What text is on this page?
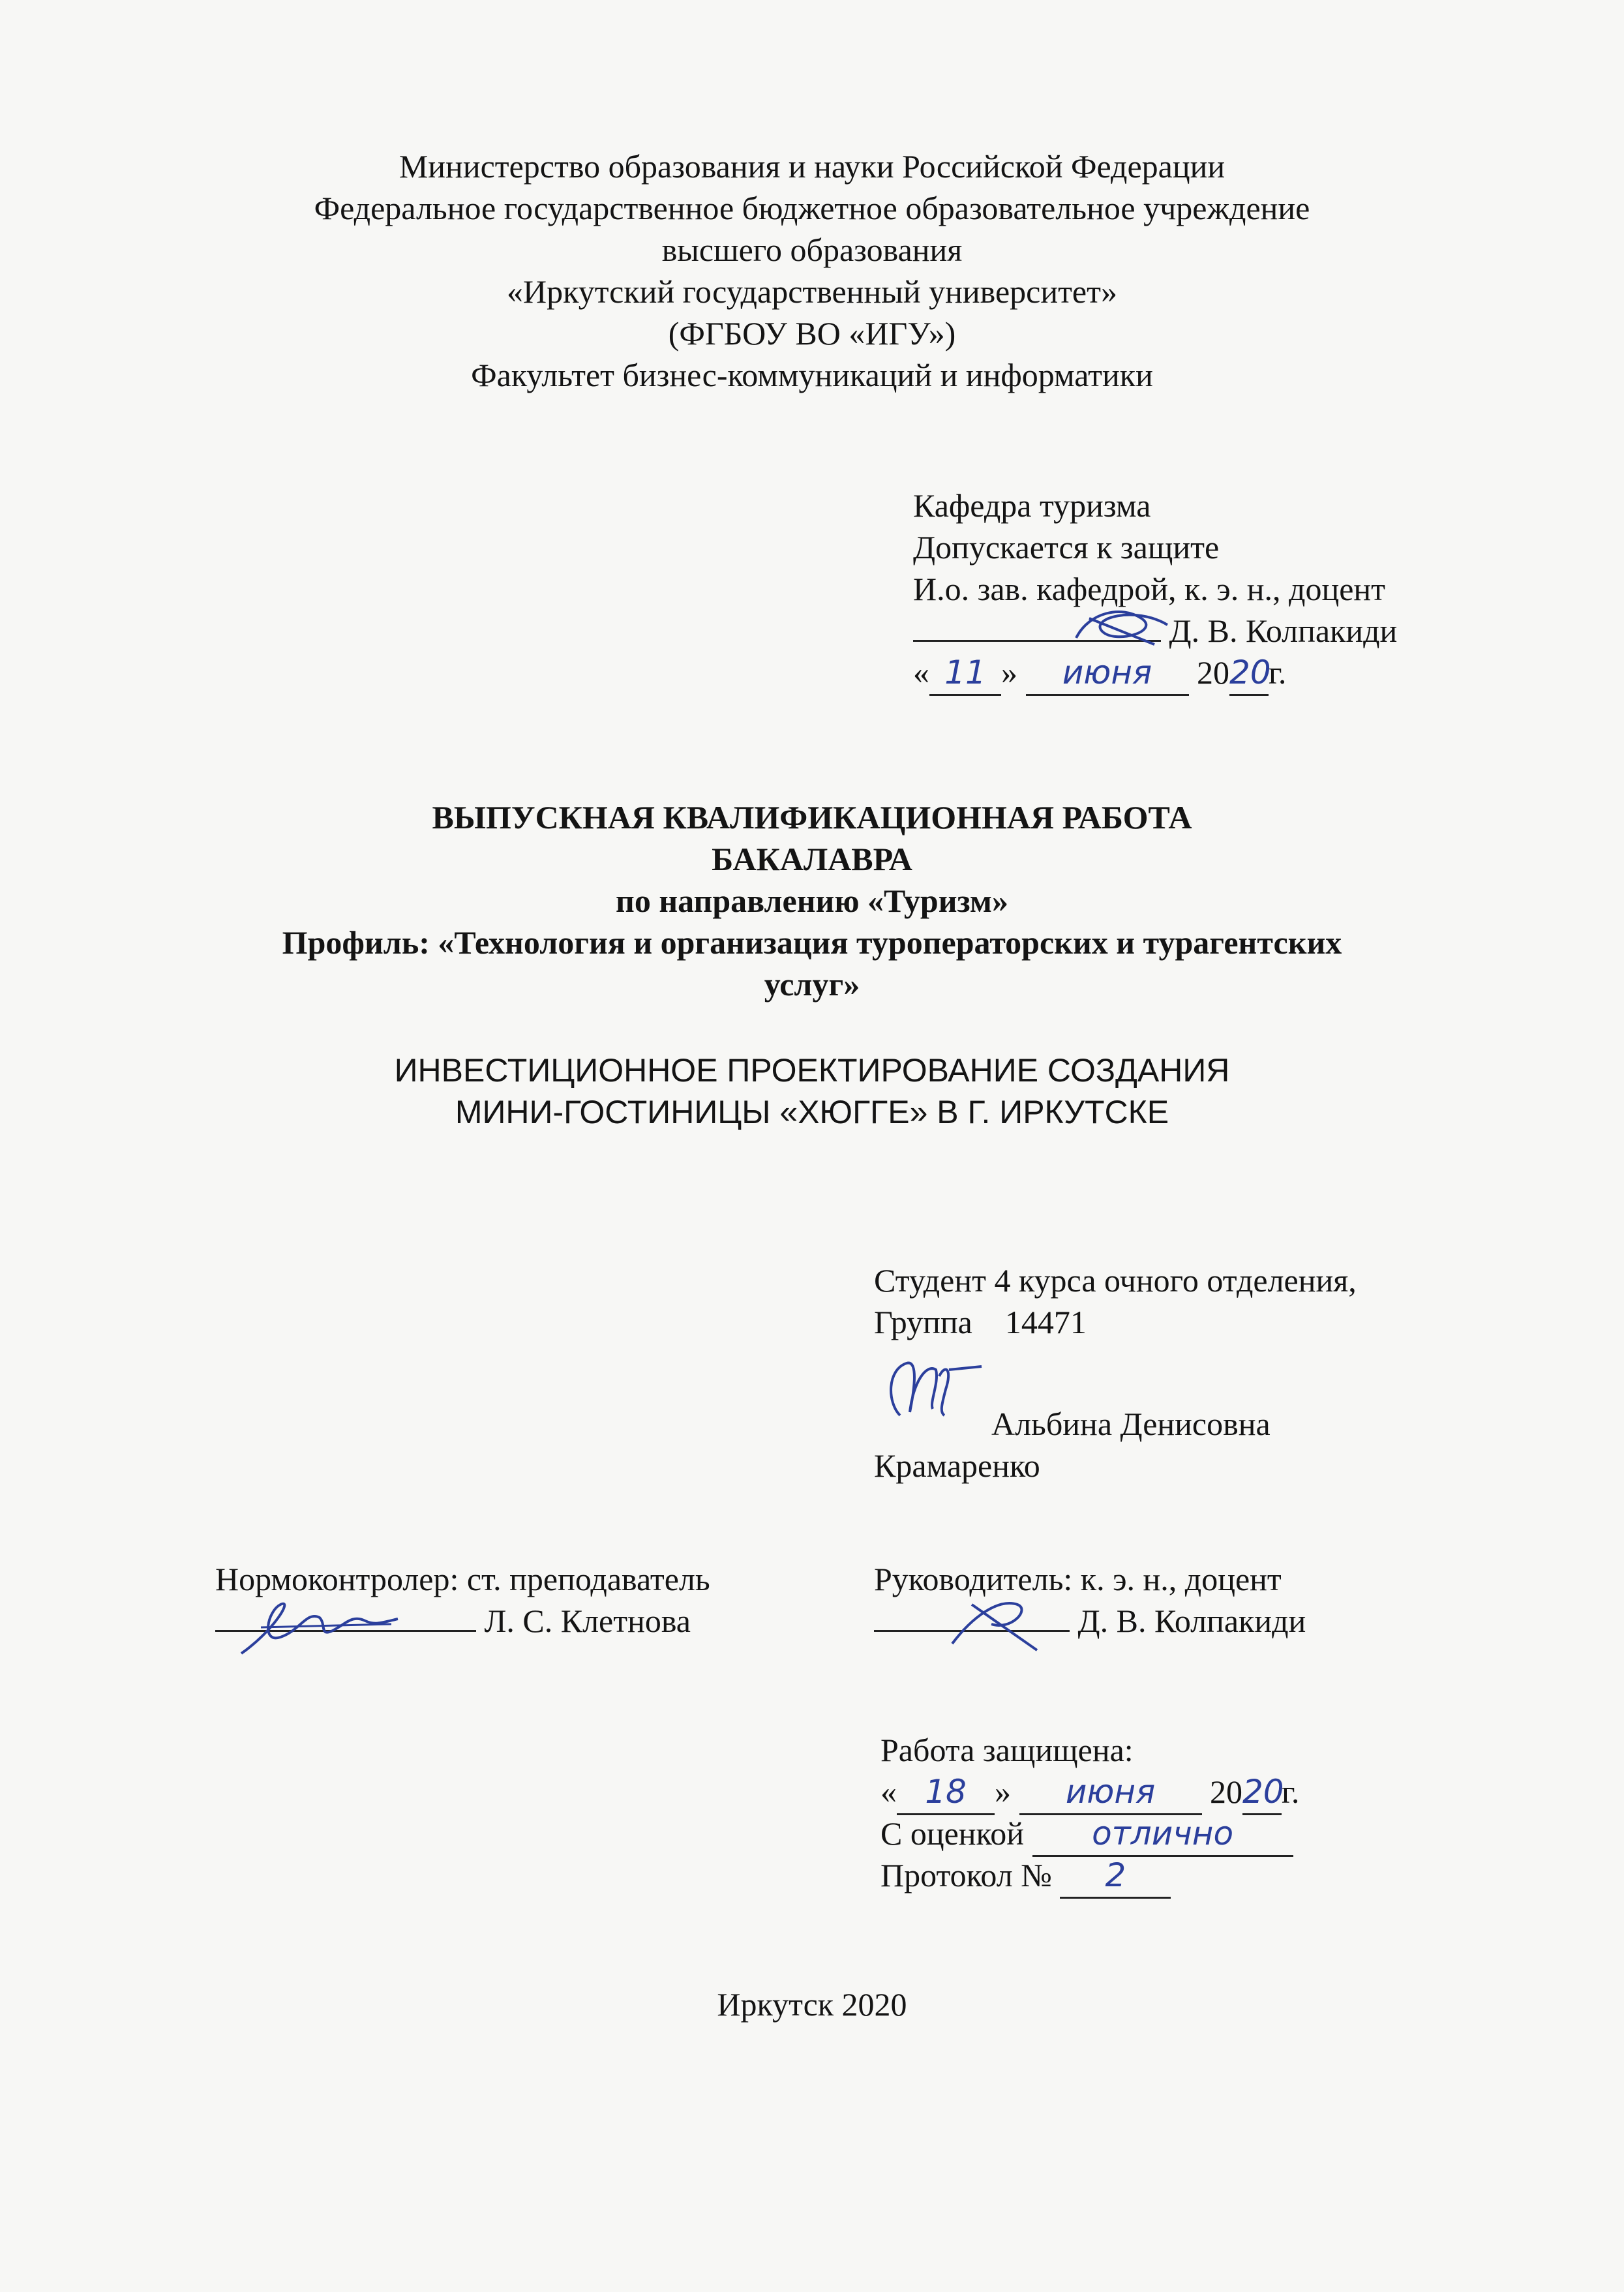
Министерство образования и науки Российской Федерации
Федеральное государственное бюджетное образовательное учреждение
высшего образования
«Иркутский государственный университет»
(ФГБОУ ВО «ИГУ»)
Факультет бизнес-коммуникаций и информатики
Кафедра туризма
Допускается к защите
И.о. зав. кафедрой, к. э. н., доцент
Д. В. Колпакиди
« 11 » июня 2020г.
ВЫПУСКНАЯ КВАЛИФИКАЦИОННАЯ РАБОТА
БАКАЛАВРА
по направлению «Туризм»
Профиль: «Технология и организация туроператорских и турагентских
услуг»
ИНВЕСТИЦИОННОЕ ПРОЕКТИРОВАНИЕ СОЗДАНИЯ
МИНИ-ГОСТИНИЦЫ «ХЮГГЕ» В Г. ИРКУТСКЕ
Студент 4 курса очного отделения,
Группа 14471
Альбина Денисовна
Крамаренко
Нормоконтролер: ст. преподаватель
Л. С. Клетнова
Руководитель: к. э. н., доцент
Д. В. Колпакиди
Работа защищена:
« 18 » июня 2020г.
С оценкой отлично
Протокол № 2
Иркутск 2020
